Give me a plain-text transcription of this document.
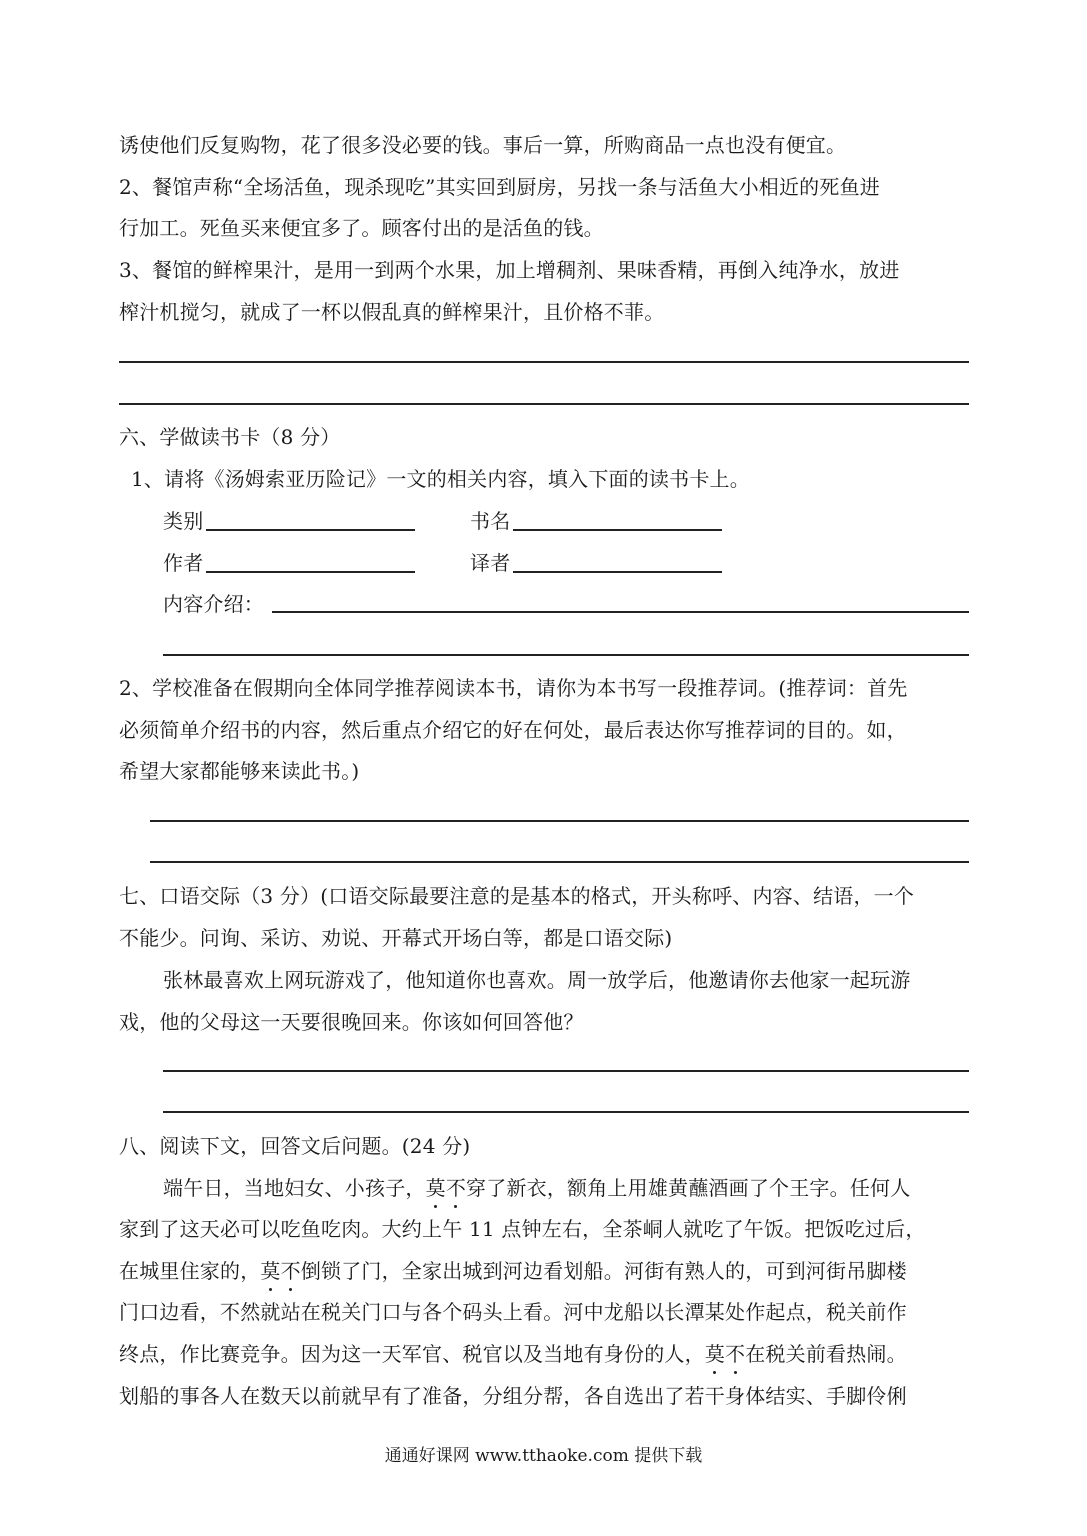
诱使他们反复购物，花了很多没必要的钱。事后一算，所购商品一点也没有便宜。
2、餐馆声称“全场活鱼，现杀现吃”其实回到厨房，另找一条与活鱼大小相近的死鱼进
行加工。死鱼买来便宜多了。顾客付出的是活鱼的钱。
3、餐馆的鲜榨果汁，是用一到两个水果，加上增稠剂、果味香精，再倒入纯净水，放进
榨汁机搅匀，就成了一杯以假乱真的鲜榨果汁，且价格不菲。
六、学做读书卡（8 分）
1、请将《汤姆索亚历险记》一文的相关内容，填入下面的读书卡上。
类别	书名
作者	译者
内容介绍：
2、学校准备在假期向全体同学推荐阅读本书，请你为本书写一段推荐词。(推荐词：首先
必须简单介绍书的内容，然后重点介绍它的好在何处，最后表达你写推荐词的目的。如，
希望大家都能够来读此书。)
七、口语交际（3 分）(口语交际最要注意的是基本的格式，开头称呼、内容、结语，一个
不能少。问询、采访、劝说、开幕式开场白等，都是口语交际)
张林最喜欢上网玩游戏了，他知道你也喜欢。周一放学后，他邀请你去他家一起玩游
戏，他的父母这一天要很晚回来。你该如何回答他？
八、阅读下文，回答文后问题。(24 分)
端午日，当地妇女、小孩子，莫不穿了新衣，额角上用雄黄蘸酒画了个王字。任何人
家到了这天必可以吃鱼吃肉。大约上午 11 点钟左右，全茶峒人就吃了午饭。把饭吃过后，
在城里住家的，莫不倒锁了门，全家出城到河边看划船。河街有熟人的，可到河街吊脚楼
门口边看，不然就站在税关门口与各个码头上看。河中龙船以长潭某处作起点，税关前作
终点，作比赛竞争。因为这一天军官、税官以及当地有身份的人，莫不在税关前看热闹。
划船的事各人在数天以前就早有了准备，分组分帮，各自选出了若干身体结实、手脚伶俐
通通好课网 www.tthaoke.com 提供下载
